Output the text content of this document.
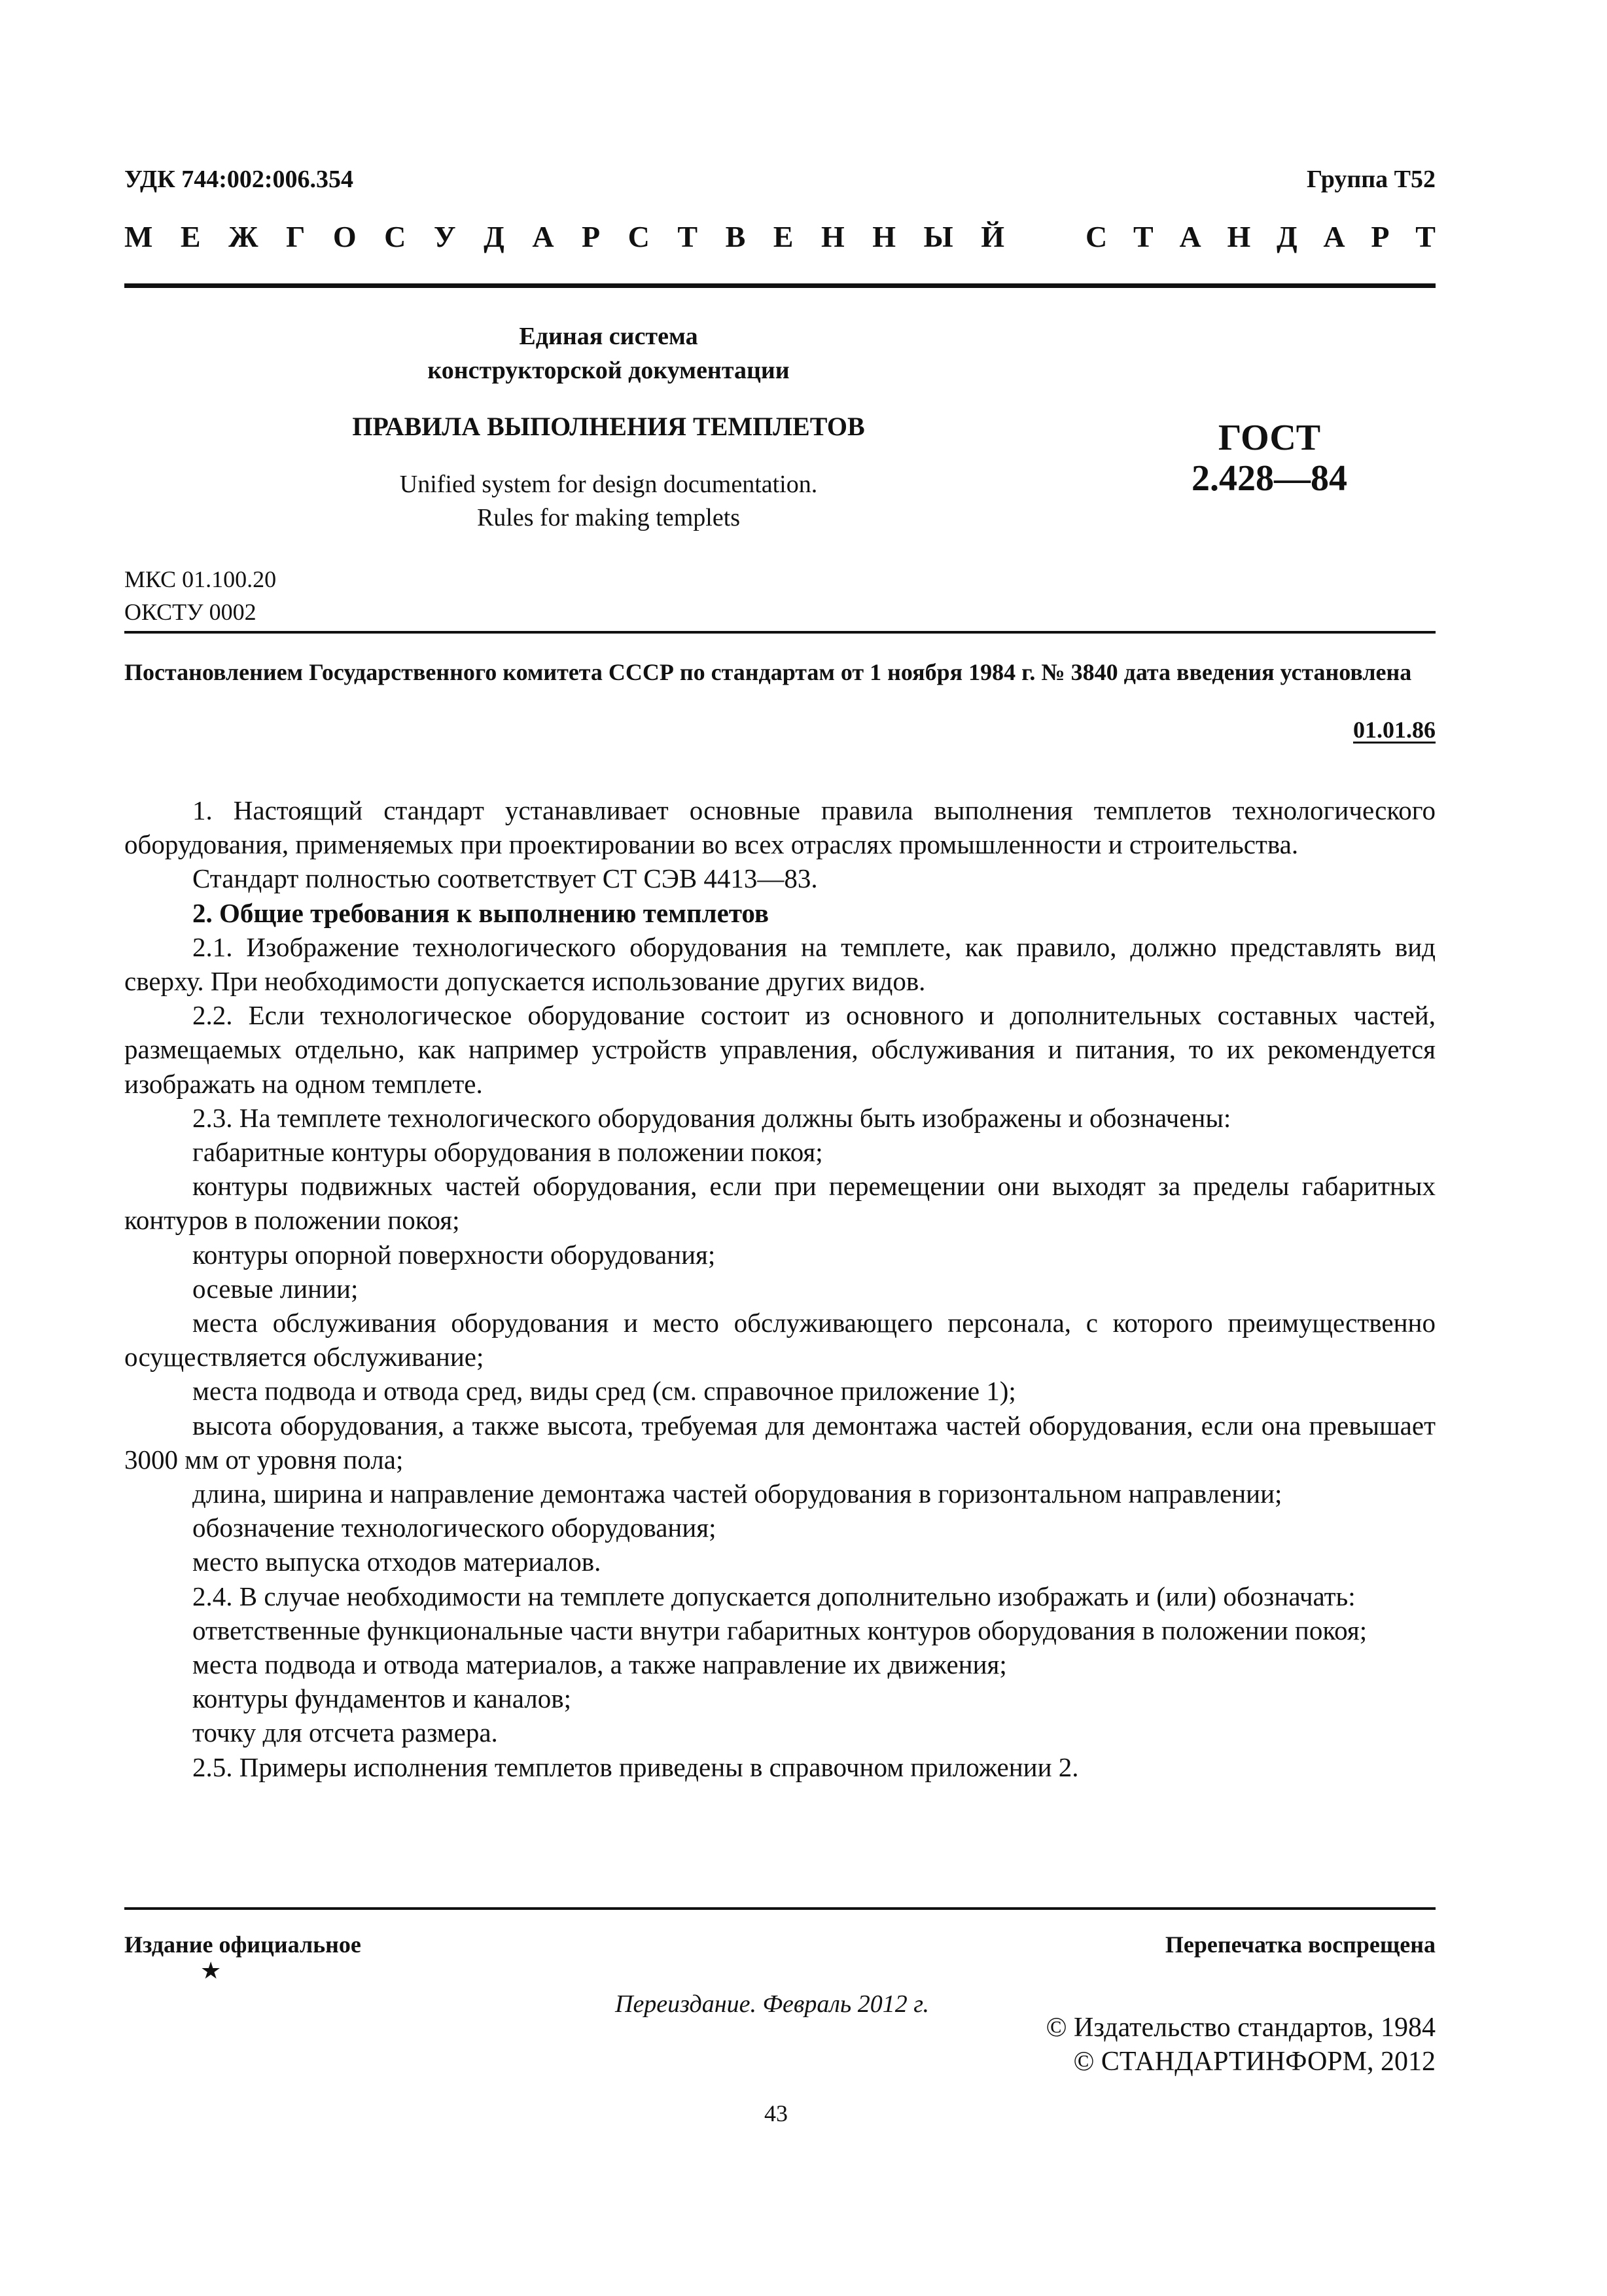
УДК 744:002:006.354	Группа Т52
М Е Ж Г О С У Д А Р С Т В Е Н Н Ы Й	С Т А Н Д А Р Т
Единая система
конструкторской документации
ПРАВИЛА ВЫПОЛНЕНИЯ ТЕМПЛЕТОВ
Unified system for design documentation.
Rules for making templets
ГОСТ
2.428—84
МКС 01.100.20
ОКСТУ 0002
Постановлением Государственного комитета СССР по стандартам от 1 ноября 1984 г. № 3840 дата введения установлена
01.01.86

1. Настоящий стандарт устанавливает основные правила выполнения темплетов технологического оборудования, применяемых при проектировании во всех отраслях промышленности и строительства.

Стандарт полностью соответствует СТ СЭВ 4413—83.

2. Общие требования к выполнению темплетов

2.1. Изображение технологического оборудования на темплете, как правило, должно представлять вид сверху. При необходимости допускается использование других видов.

2.2. Если технологическое оборудование состоит из основного и дополнительных составных частей, размещаемых отдельно, как например устройств управления, обслуживания и питания, то их рекомендуется изображать на одном темплете.

2.3. На темплете технологического оборудования должны быть изображены и обозначены:

габаритные контуры оборудования в положении покоя;

контуры подвижных частей оборудования, если при перемещении они выходят за пределы габаритных контуров в положении покоя;

контуры опорной поверхности оборудования;

осевые линии;

места обслуживания оборудования и место обслуживающего персонала, с которого преимущественно осуществляется обслуживание;

места подвода и отвода сред, виды сред (см. справочное приложение 1);

высота оборудования, а также высота, требуемая для демонтажа частей оборудования, если она превышает 3000 мм от уровня пола;

длина, ширина и направление демонтажа частей оборудования в горизонтальном направлении;

обозначение технологического оборудования;

место выпуска отходов материалов.

2.4. В случае необходимости на темплете допускается дополнительно изображать и (или) обозначать:

ответственные функциональные части внутри габаритных контуров оборудования в положении покоя;

места подвода и отвода материалов, а также направление их движения;

контуры фундаментов и каналов;

точку для отсчета размера.

2.5. Примеры исполнения темплетов приведены в справочном приложении 2.

Издание официальное	Перепечатка воспрещена
★
Переиздание. Февраль 2012 г.
© Издательство стандартов, 1984
© СТАНДАРТИНФОРМ, 2012
43
